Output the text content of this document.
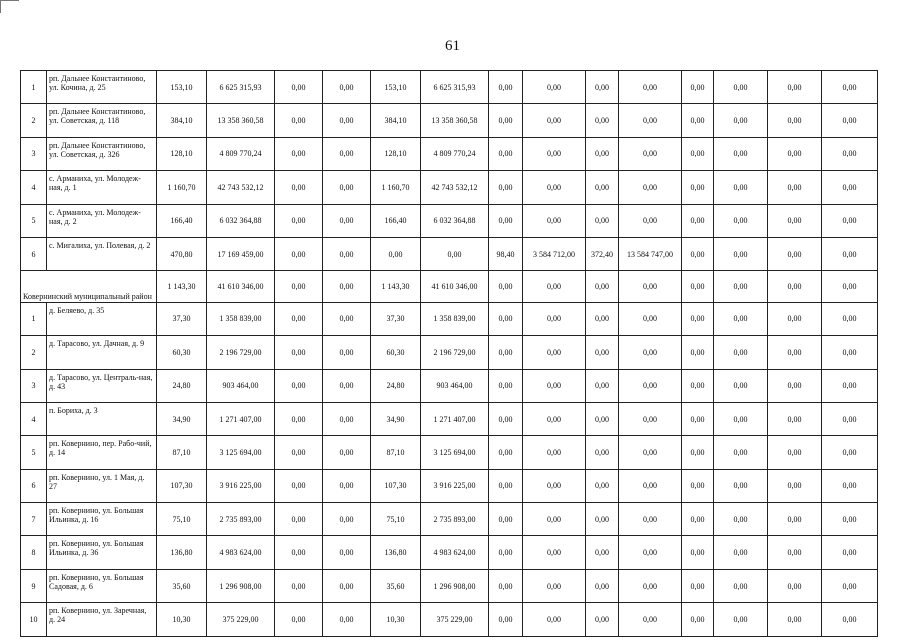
61
1	рп. Дальнее Константиново, ул. Кочина, д. 25	153,10	6 625 315,93	0,00	0,00	153,10	6 625 315,93	0,00	0,00	0,00	0,00	0,00	0,00	0,00	0,00
2	рп. Дальнее Константиново, ул. Советская, д. 118	384,10	13 358 360,58	0,00	0,00	384,10	13 358 360,58	0,00	0,00	0,00	0,00	0,00	0,00	0,00	0,00
3	рп. Дальнее Константиново, ул. Советская, д. 326	128,10	4 809 770,24	0,00	0,00	128,10	4 809 770,24	0,00	0,00	0,00	0,00	0,00	0,00	0,00	0,00
4	с. Арманиха, ул. Молодеж-ная, д. 1	1 160,70	42 743 532,12	0,00	0,00	1 160,70	42 743 532,12	0,00	0,00	0,00	0,00	0,00	0,00	0,00	0,00
5	с. Арманиха, ул. Молодеж-ная, д. 2	166,40	6 032 364,88	0,00	0,00	166,40	6 032 364,88	0,00	0,00	0,00	0,00	0,00	0,00	0,00	0,00
6	с. Мигалиха, ул. Полевая, д. 2	470,80	17 169 459,00	0,00	0,00	0,00	0,00	98,40	3 584 712,00	372,40	13 584 747,00	0,00	0,00	0,00	0,00
Ковернинский муниципальный район		1 143,30	41 610 346,00	0,00	0,00	1 143,30	41 610 346,00	0,00	0,00	0,00	0,00	0,00	0,00	0,00	0,00
1	д. Беляево, д. 35	37,30	1 358 839,00	0,00	0,00	37,30	1 358 839,00	0,00	0,00	0,00	0,00	0,00	0,00	0,00	0,00
2	д. Тарасово, ул. Дачная, д. 9	60,30	2 196 729,00	0,00	0,00	60,30	2 196 729,00	0,00	0,00	0,00	0,00	0,00	0,00	0,00	0,00
3	д. Тарасово, ул. Централь-ная, д. 43	24,80	903 464,00	0,00	0,00	24,80	903 464,00	0,00	0,00	0,00	0,00	0,00	0,00	0,00	0,00
4	п. Бориха, д. 3	34,90	1 271 407,00	0,00	0,00	34,90	1 271 407,00	0,00	0,00	0,00	0,00	0,00	0,00	0,00	0,00
5	рп. Ковернино, пер. Рабо-чий, д. 14	87,10	3 125 694,00	0,00	0,00	87,10	3 125 694,00	0,00	0,00	0,00	0,00	0,00	0,00	0,00	0,00
6	рп. Ковернино, ул. 1 Мая, д. 27	107,30	3 916 225,00	0,00	0,00	107,30	3 916 225,00	0,00	0,00	0,00	0,00	0,00	0,00	0,00	0,00
7	рп. Ковернино, ул. Большая Ильинка, д. 16	75,10	2 735 893,00	0,00	0,00	75,10	2 735 893,00	0,00	0,00	0,00	0,00	0,00	0,00	0,00	0,00
8	рп. Ковернино, ул. Большая Ильинка, д. 36	136,80	4 983 624,00	0,00	0,00	136,80	4 983 624,00	0,00	0,00	0,00	0,00	0,00	0,00	0,00	0,00
9	рп. Ковернино, ул. Большая Садовая, д. 6	35,60	1 296 908,00	0,00	0,00	35,60	1 296 908,00	0,00	0,00	0,00	0,00	0,00	0,00	0,00	0,00
10	рп. Ковернино, ул. Заречная, д. 24	10,30	375 229,00	0,00	0,00	10,30	375 229,00	0,00	0,00	0,00	0,00	0,00	0,00	0,00	0,00
